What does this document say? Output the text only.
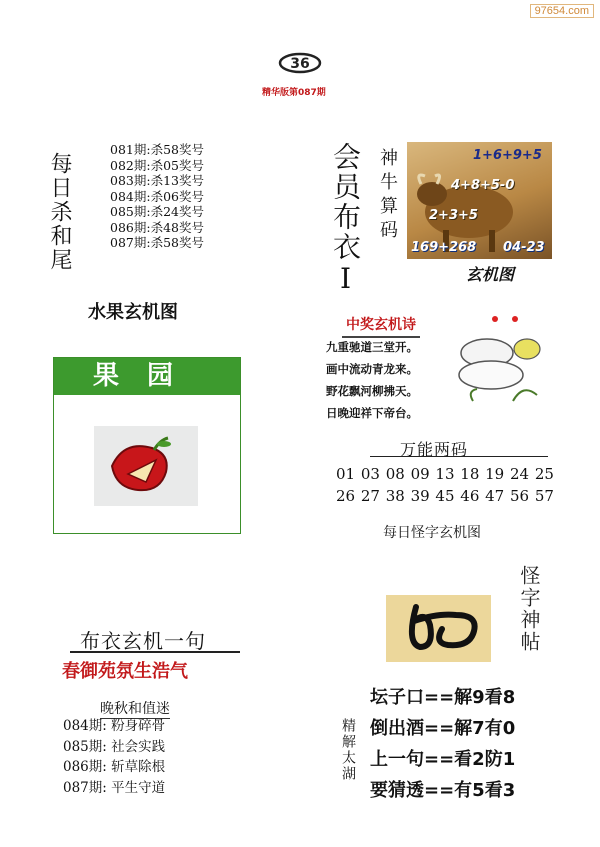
97654.com
36
精华版第087期
每日杀和尾
081期:杀58奖号
082期:杀05奖号
083期:杀13奖号
084期:杀06奖号
085期:杀24奖号
086期:杀48奖号
087期:杀58奖号	会员布衣Ⅰ 神牛算码	1+6+9+5
4+8+5-0
2+3+5
169+268 04-23
玄机图
水果玄机图
果园
中奖玄机诗
九重驰道三堂开。
画中流动青龙来。
野花飘河柳拂天。
日晚迎祥下帝台。
万能两码
01 03 08 09 13 18 19 24 25 26 27 38 39 45 46 47 56 57
每日怪字玄机图
怪字神帖
布衣玄机一句
春御苑氛生浩气
晚秋和值迷
084期: 粉身碎骨
085期: 社会实践
086期: 斩草除根
087期: 平生守道
精解太湖
坛子口==解9看8
倒出酒==解7有0
上一句==看2防1
要猜透==有5看3
